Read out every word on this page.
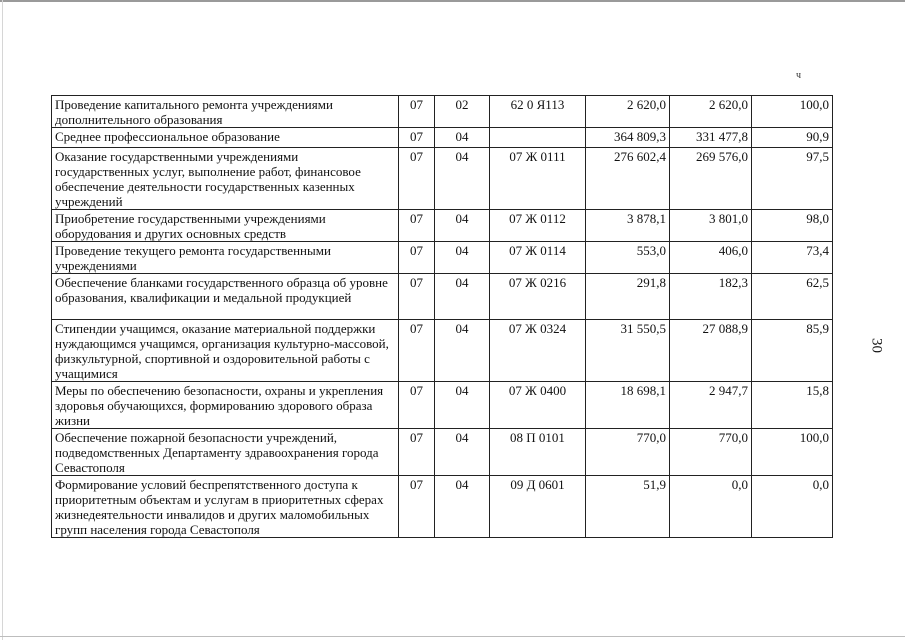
ч
Проведение капитального ремонта учреждениями дополнительного образования	07	02	62 0 Я113	2 620,0	2 620,0	100,0
Среднее профессиональное образование	07	04		364 809,3	331 477,8	90,9
Оказание государственными учреждениями государственных услуг, выполнение работ, финансовое обеспечение деятельности государственных казенных учреждений	07	04	07 Ж 0111	276 602,4	269 576,0	97,5
Приобретение государственными учреждениями оборудования и других основных средств	07	04	07 Ж 0112	3 878,1	3 801,0	98,0
Проведение текущего ремонта государственными учреждениями	07	04	07 Ж 0114	553,0	406,0	73,4
Обеспечение бланками государственного образца об уровне образования, квалификации и медальной продукцией	07	04	07 Ж 0216	291,8	182,3	62,5
Стипендии учащимся, оказание материальной поддержки нуждающимся учащимся, организация культурно-массовой, физкультурной, спортивной и оздоровительной работы с учащимися	07	04	07 Ж 0324	31 550,5	27 088,9	85,9
Меры по обеспечению безопасности, охраны и укрепления здоровья обучающихся, формированию здорового образа жизни	07	04	07 Ж 0400	18 698,1	2 947,7	15,8
Обеспечение пожарной безопасности учреждений, подведомственных Департаменту здравоохранения города Севастополя	07	04	08 П 0101	770,0	770,0	100,0
Формирование условий беспрепятственного доступа к приоритетным объектам и услугам в приоритетных сферах жизнедеятельности инвалидов и других маломобильных групп населения города Севастополя	07	04	09 Д 0601	51,9	0,0	0,0
30
